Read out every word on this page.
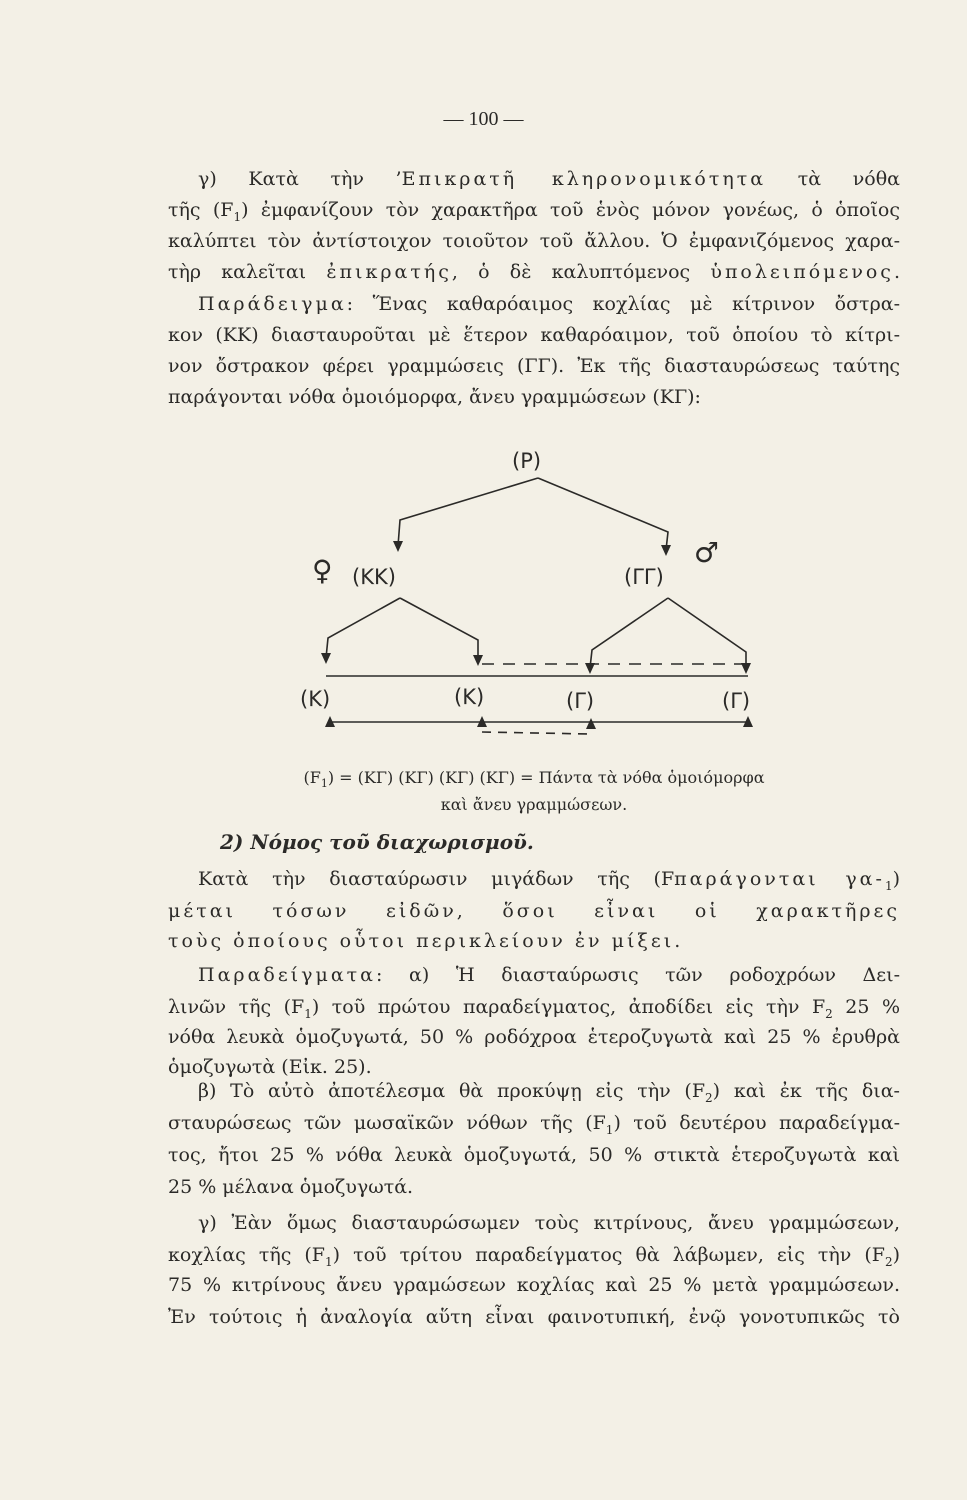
— 100 —
γ) Κατὰ τὴν ’Επικρατῆ κληρονομικότητα τὰ νόθα
τῆς $(F_1)$ ἐμφανίζουν τὸν χαρακτῆρα τοῦ ἑνὸς μόνον γονέως, ὁ ὁποῖος
καλύπτει τὸν ἀντίστοιχον τοιοῦτον τοῦ ἄλλου. Ὁ ἐμφανιζόμενος χαρα-
τὴρ καλεῖται ἐπικρατής, ὁ δὲ καλυπτόμενος ὑπολειπόμενος.
Παράδειγμα: Ἕνας καθαρόαιμος κοχλίας μὲ κίτρινον ὄστρα-
κον (ΚΚ) διασταυροῦται μὲ ἕτερον καθαρόαιμον, τοῦ ὁποίου τὸ κίτρι-
νον ὄστρακον φέρει γραμμώσεις (ΓΓ). Ἐκ τῆς διασταυρώσεως ταύτης
παράγονται νόθα ὁμοιόμορφα, ἄνευ γραμμώσεων (ΚΓ):
(P)
♀
♂
(ΚΚ)	(ΓΓ)
(Κ)	(Κ)	(Γ)	(Γ)
$(F_1) = (K\Gamma)$ (ΚΓ) (ΚΓ) (ΚΓ) = Πάντα τὰ νόθα ὁμοιόμορφα
καὶ ἄνευ γραμμώσεων.
2) Νόμος τοῦ διαχωρισμοῦ.
Κατὰ τὴν διασταύρωσιν μιγάδων τῆς (Fπαράγονται $\gamma\alpha-_1$)
μέται τόσων εἰδῶν, ὅσοι εἶναι οἱ χαρακτῆρες
τοὺς ὁποίους οὗτοι περικλείουν ἐν μίξει.
Παραδείγματα: α) Ἡ διασταύρωσις τῶν ροδοχρόων Δει-
λινῶν τῆς $(F_1)$ τοῦ πρώτου παραδείγματος, ἀποδίδει εἰς τὴν $F_2$ 25 %
νόθα λευκὰ ὁμοζυγωτά, 50 % ροδόχροα ἑτεροζυγωτὰ καὶ 25 % ἐρυθρὰ
ὁμοζυγωτὰ (Εἰκ. 25).
β) Τὸ αὐτὸ ἀποτέλεσμα θὰ προκύψῃ εἰς τὴν $(F_2)$ καὶ ἐκ τῆς δια-
σταυρώσεως τῶν μωσαϊκῶν νόθων τῆς $(F_1)$ τοῦ δευτέρου παραδείγμα-
τος, ἤτοι 25 % νόθα λευκὰ ὁμοζυγωτά, 50 % στικτὰ ἑτεροζυγωτὰ καὶ
25 % μέλανα ὁμοζυγωτά.
γ) Ἐὰν ὅμως διασταυρώσωμεν τοὺς κιτρίνους, ἄνευ γραμμώσεων,
κοχλίας τῆς $(F_1)$ τοῦ τρίτου παραδείγματος θὰ λάβωμεν, εἰς τὴν $(F_2)$
75 % κιτρίνους ἄνευ γραμώσεων κοχλίας καὶ 25 % μετὰ γραμμώσεων.
Ἐν τούτοις ἡ ἀναλογία αὕτη εἶναι φαινοτυπική, ἐνῷ γονοτυπικῶς τὸ
